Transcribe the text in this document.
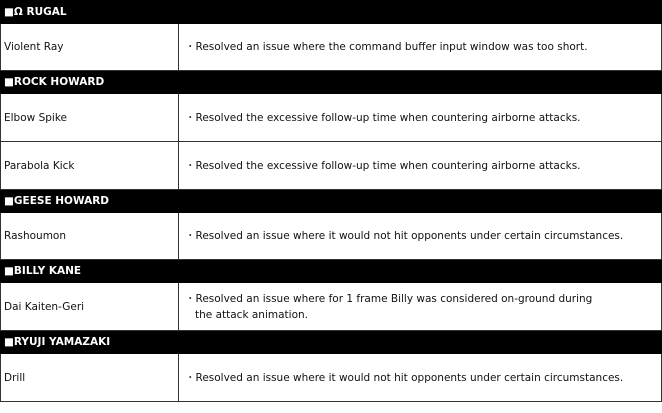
■Ω RUGAL	
Violent Ray	・Resolved an issue where the command buffer input window was too short.
■ROCK HOWARD	
Elbow Spike	・Resolved the excessive follow-up time when countering airborne attacks.
Parabola Kick	・Resolved the excessive follow-up time when countering airborne attacks.
■GEESE HOWARD	
Rashoumon	・Resolved an issue where it would not hit opponents under certain circumstances.
■BILLY KANE	
Dai Kaiten-Geri	・Resolved an issue where for 1 frame Billy was considered on-ground during
the attack animation.

■RYUJI YAMAZAKI	
Drill	・Resolved an issue where it would not hit opponents under certain circumstances.
